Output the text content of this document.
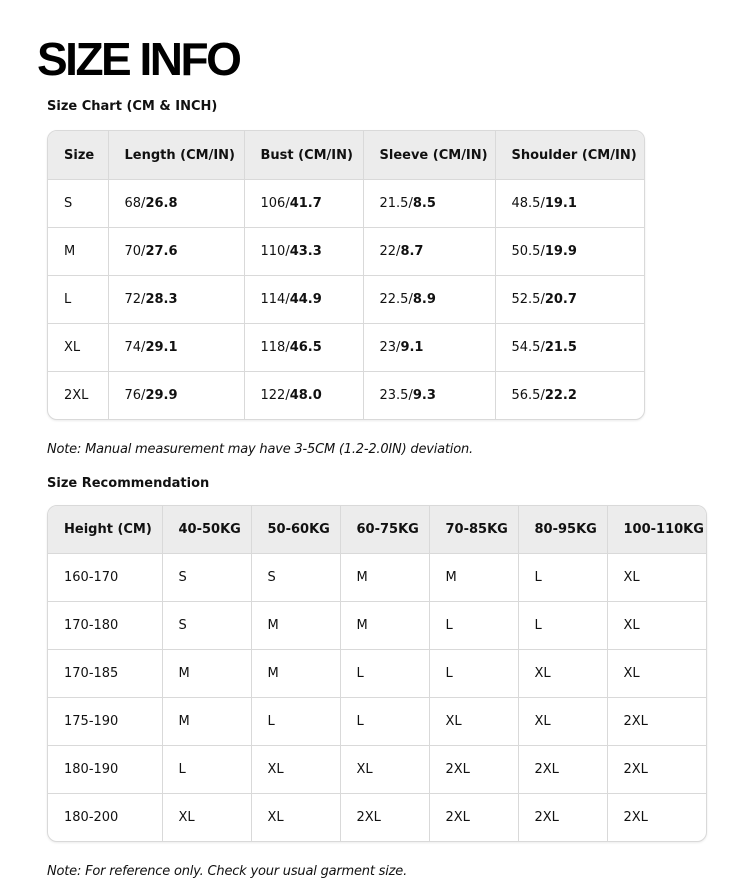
SIZE INFO

Size Chart (CM & INCH)

Size	Length (CM/IN)	Bust (CM/IN)	Sleeve (CM/IN)	Shoulder (CM/IN)
S	68/26.8	106/41.7	21.5/8.5	48.5/19.1
M	70/27.6	110/43.3	22/8.7	50.5/19.9
L	72/28.3	114/44.9	22.5/8.9	52.5/20.7
XL	74/29.1	118/46.5	23/9.1	54.5/21.5
2XL	76/29.9	122/48.0	23.5/9.3	56.5/22.2

Note: Manual measurement may have 3-5CM (1.2-2.0IN) deviation.

Size Recommendation

Height (CM)	40-50KG	50-60KG	60-75KG	70-85KG	80-95KG	100-110KG
160-170	S	S	M	M	L	XL
170-180	S	M	M	L	L	XL
170-185	M	M	L	L	XL	XL
175-190	M	L	L	XL	XL	2XL
180-190	L	XL	XL	2XL	2XL	2XL
180-200	XL	XL	2XL	2XL	2XL	2XL

Note: For reference only. Check your usual garment size.
